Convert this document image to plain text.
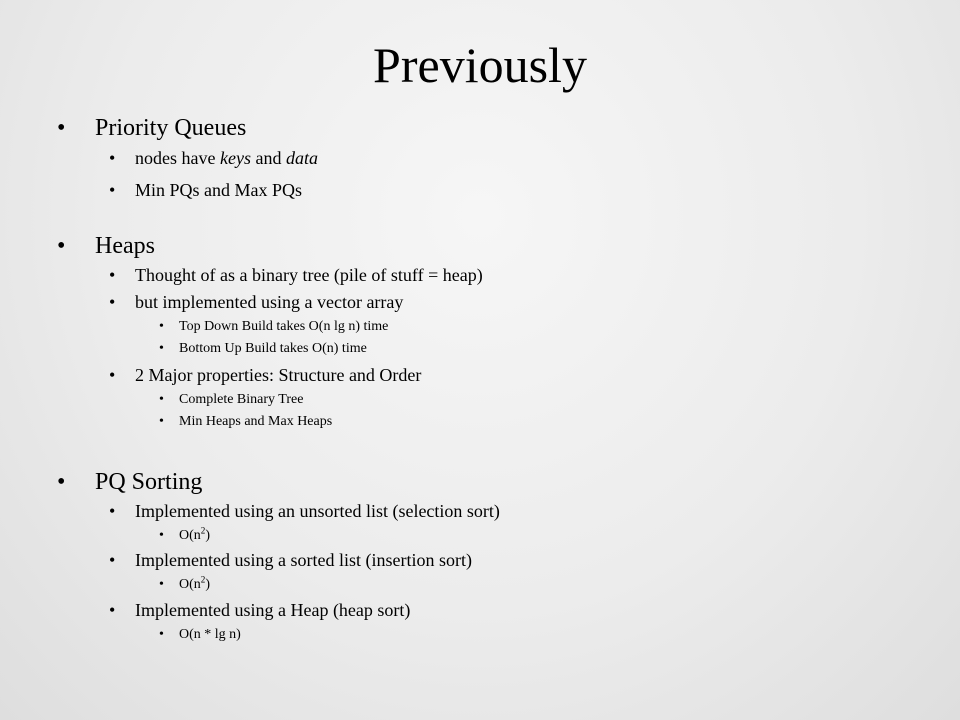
Previously
• Priority Queues
• nodes have keys and data
• Min PQs and Max PQs
• Heaps
• Thought of as a binary tree (pile of stuff = heap)
• but implemented using a vector array
• Top Down Build takes O(n lg n) time
• Bottom Up Build takes O(n) time
• 2 Major properties: Structure and Order
• Complete Binary Tree
• Min Heaps and Max Heaps
• PQ Sorting
• Implemented using an unsorted list (selection sort)
• $O(n^2)$
• Implemented using a sorted list (insertion sort)
• $O(n^2)$
• Implemented using a Heap (heap sort)
• O(n * lg n)
